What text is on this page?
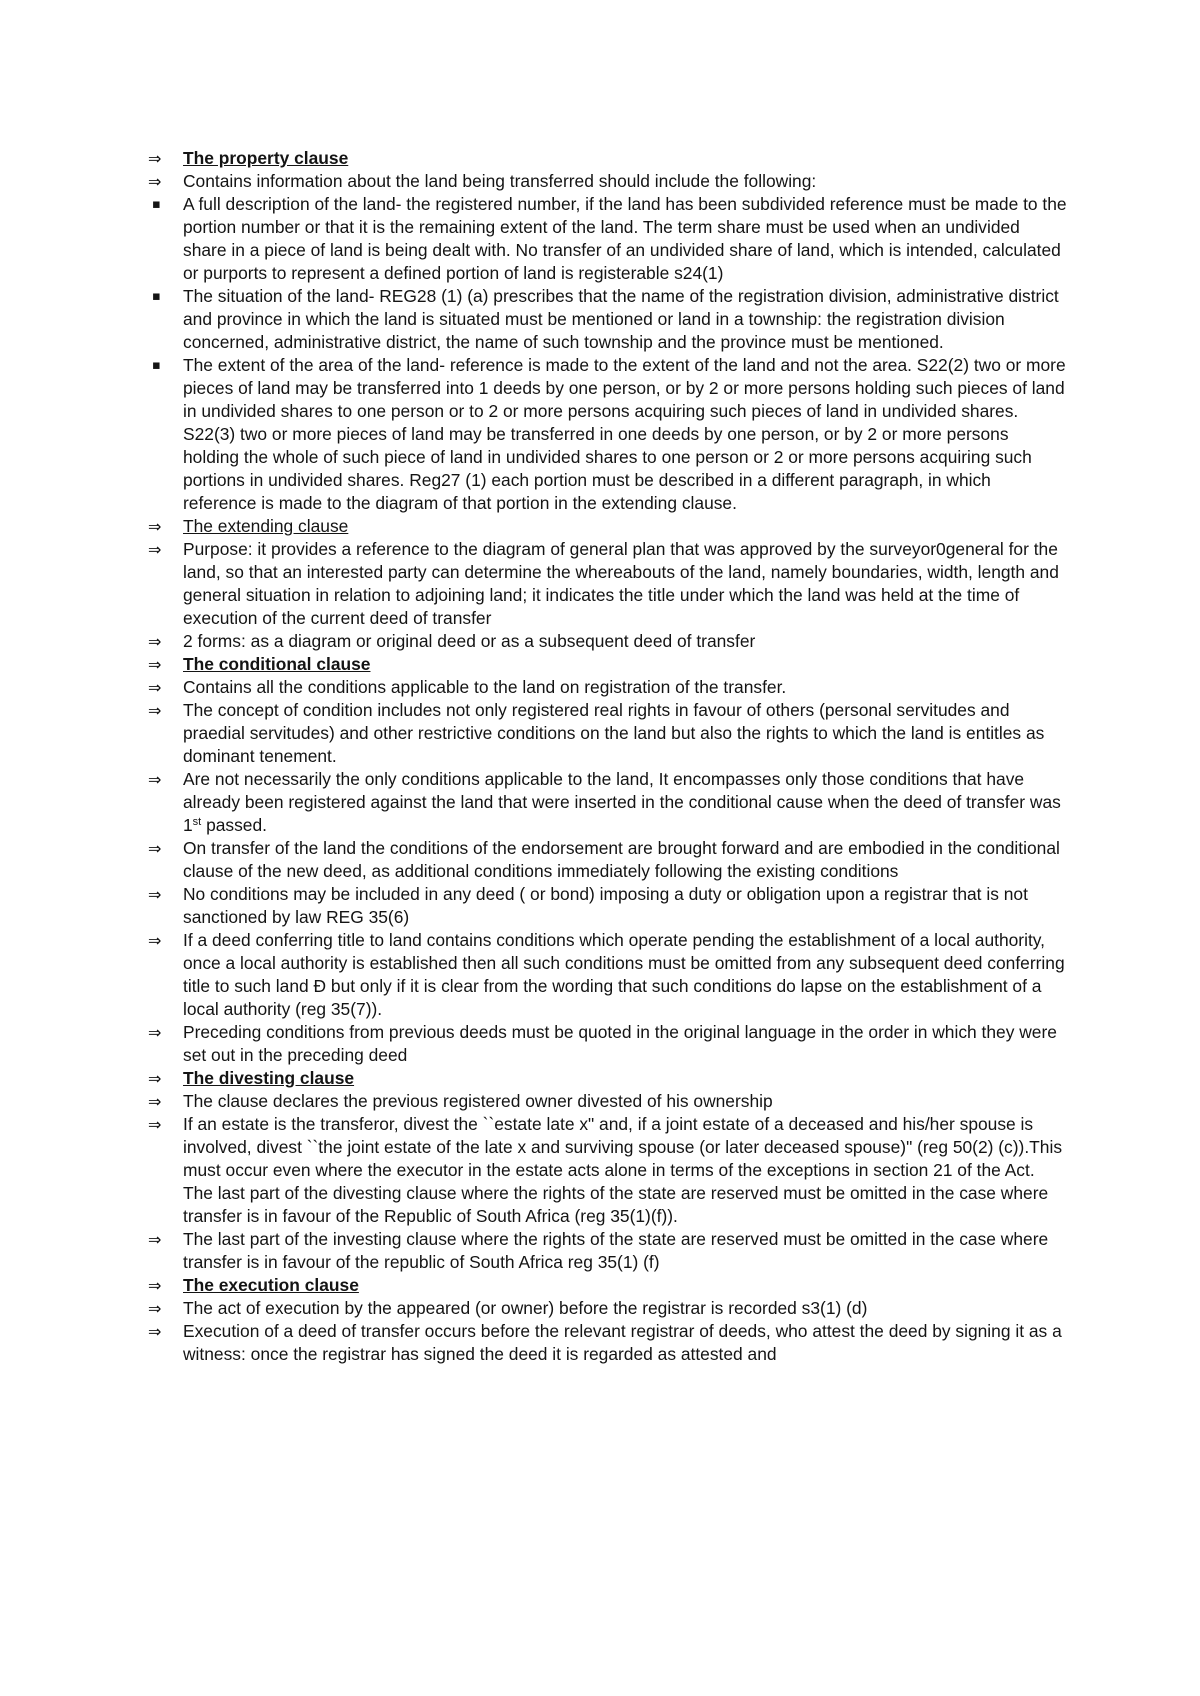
⇒	The property clause
⇒	Contains information about the land being transferred should include the following:
▪	A full description of the land- the registered number, if the land has been subdivided reference must be made to the portion number or that it is the remaining extent of the land. The term share must be used when an undivided share in a piece of land is being dealt with. No transfer of an undivided share of land, which is intended, calculated or purports to represent a defined portion of land is registerable s24(1)
▪	The situation of the land- REG28 (1) (a) prescribes that the name of the registration division, administrative district and province in which the land is situated must be mentioned or land in a township: the registration division concerned, administrative district, the name of such township and the province must be mentioned.
▪	The extent of the area of the land- reference is made to the extent of the land and not the area. S22(2) two or more pieces of land may be transferred into 1 deeds by one person, or by 2 or more persons holding such pieces of land in undivided shares to one person or to 2 or more persons acquiring such pieces of land in undivided shares. S22(3) two or more pieces of land may be transferred in one deeds by one person, or by 2 or more persons holding the whole of such piece of land in undivided shares to one person or 2 or more persons acquiring such portions in undivided shares. Reg27 (1) each portion must be described in a different paragraph, in which reference is made to the diagram of that portion in the extending clause.
⇒	The extending clause
⇒	Purpose: it provides a reference to the diagram of general plan that was approved by the surveyor0general for the land, so that an interested party can determine the whereabouts of the land, namely boundaries, width, length and general situation in relation to adjoining land; it indicates the title under which the land was held at the time of execution of the current deed of transfer
⇒	2 forms: as a diagram or original deed or as a subsequent deed of transfer
⇒	The conditional clause
⇒	Contains all the conditions applicable to the land on registration of the transfer.
⇒	The concept of condition includes not only registered real rights in favour of others (personal servitudes and praedial servitudes) and other restrictive conditions on the land but also the rights to which the land is entitles as dominant tenement.
⇒	Are not necessarily the only conditions applicable to the land, It encompasses only those conditions that have already been registered against the land that were inserted in the conditional cause when the deed of transfer was 1st passed.
⇒	On transfer of the land the conditions of the endorsement are brought forward and are embodied in the conditional clause of the new deed, as additional conditions immediately following the existing conditions
⇒	No conditions may be included in any deed ( or bond) imposing a duty or obligation upon a registrar that is not sanctioned by law REG 35(6)
⇒	If a deed conferring title to land contains conditions which operate pending the establishment of a local authority, once a local authority is established then all such conditions must be omitted from any subsequent deed conferring title to such land Ð but only if it is clear from the wording that such conditions do lapse on the establishment of a local authority (reg 35(7)).
⇒	Preceding conditions from previous deeds must be quoted in the original language in the order in which they were set out in the preceding deed
⇒	The divesting clause
⇒	The clause declares the previous registered owner divested of his ownership
⇒	If an estate is the transferor, divest the ``estate late x" and, if a joint estate of a deceased and his/her spouse is involved, divest ``the joint estate of the late x and surviving spouse (or later deceased spouse)" (reg 50(2) (c)).This must occur even where the executor in the estate acts alone in terms of the exceptions in section 21 of the Act. The last part of the divesting clause where the rights of the state are reserved must be omitted in the case where transfer is in favour of the Republic of South Africa (reg 35(1)(f)).
⇒	The last part of the investing clause where the rights of the state are reserved must be omitted in the case where transfer is in favour of the republic of South Africa reg 35(1) (f)
⇒	The execution clause
⇒	The act of execution by the appeared (or owner) before the registrar is recorded s3(1) (d)
⇒	Execution of a deed of transfer occurs before the relevant registrar of deeds, who attest the deed by signing it as a witness: once the registrar has signed the deed it is regarded as attested and
